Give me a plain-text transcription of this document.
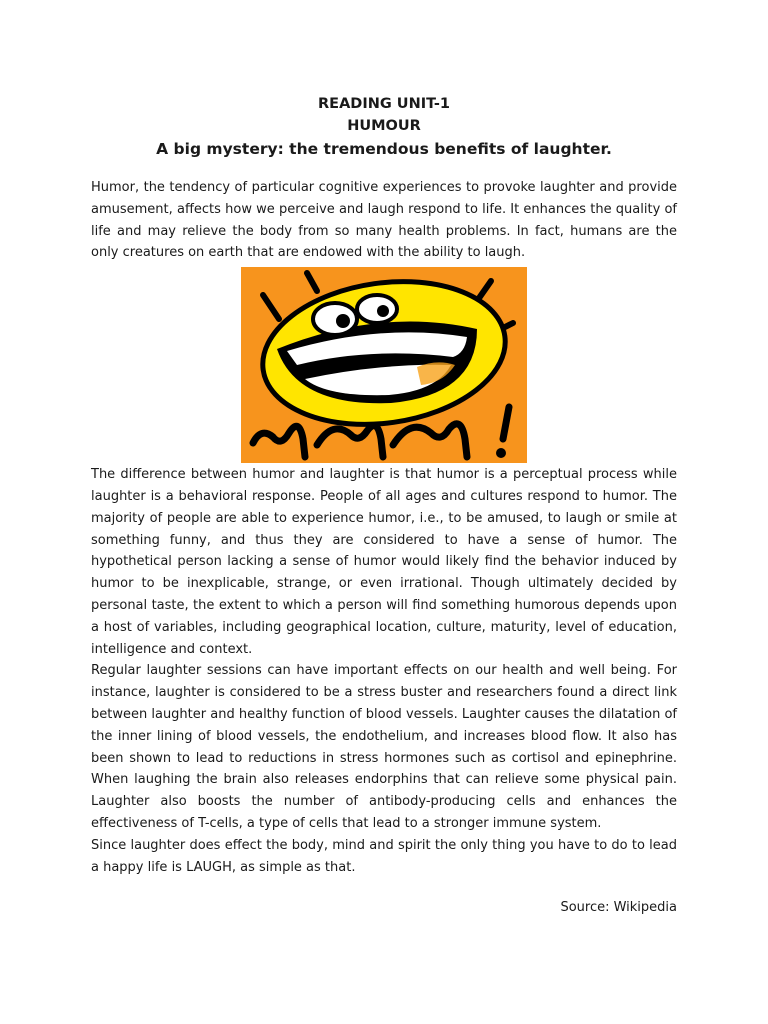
READING UNIT-1

HUMOUR

A big mystery: the tremendous benefits of laughter.

Humor, the tendency of particular cognitive experiences to provoke laughter and provide amusement, affects how we perceive and laugh respond to life. It enhances the quality of life and may relieve the body from so many health problems. In fact, humans are the only creatures on earth that are endowed with the ability to laugh.

The difference between humor and laughter is that humor is a perceptual process while laughter is a behavioral response. People of all ages and cultures respond to humor. The majority of people are able to experience humor, i.e., to be amused, to laugh or smile at something funny, and thus they are considered to have a sense of humor. The hypothetical person lacking a sense of humor would likely find the behavior induced by humor to be inexplicable, strange, or even irrational. Though ultimately decided by personal taste, the extent to which a person will find something humorous depends upon a host of variables, including geographical location, culture, maturity, level of education, intelligence and context.

Regular laughter sessions can have important effects on our health and well being. For instance, laughter is considered to be a stress buster and researchers found a direct link between laughter and healthy function of blood vessels. Laughter causes the dilatation of the inner lining of blood vessels, the endothelium, and increases blood flow. It also has been shown to lead to reductions in stress hormones such as cortisol and epinephrine. When laughing the brain also releases endorphins that can relieve some physical pain. Laughter also boosts the number of antibody-producing cells and enhances the effectiveness of T-cells, a type of cells that lead to a stronger immune system.

Since laughter does effect the body, mind and spirit the only thing you have to do to lead a happy life is LAUGH, as simple as that.

Source: Wikipedia
